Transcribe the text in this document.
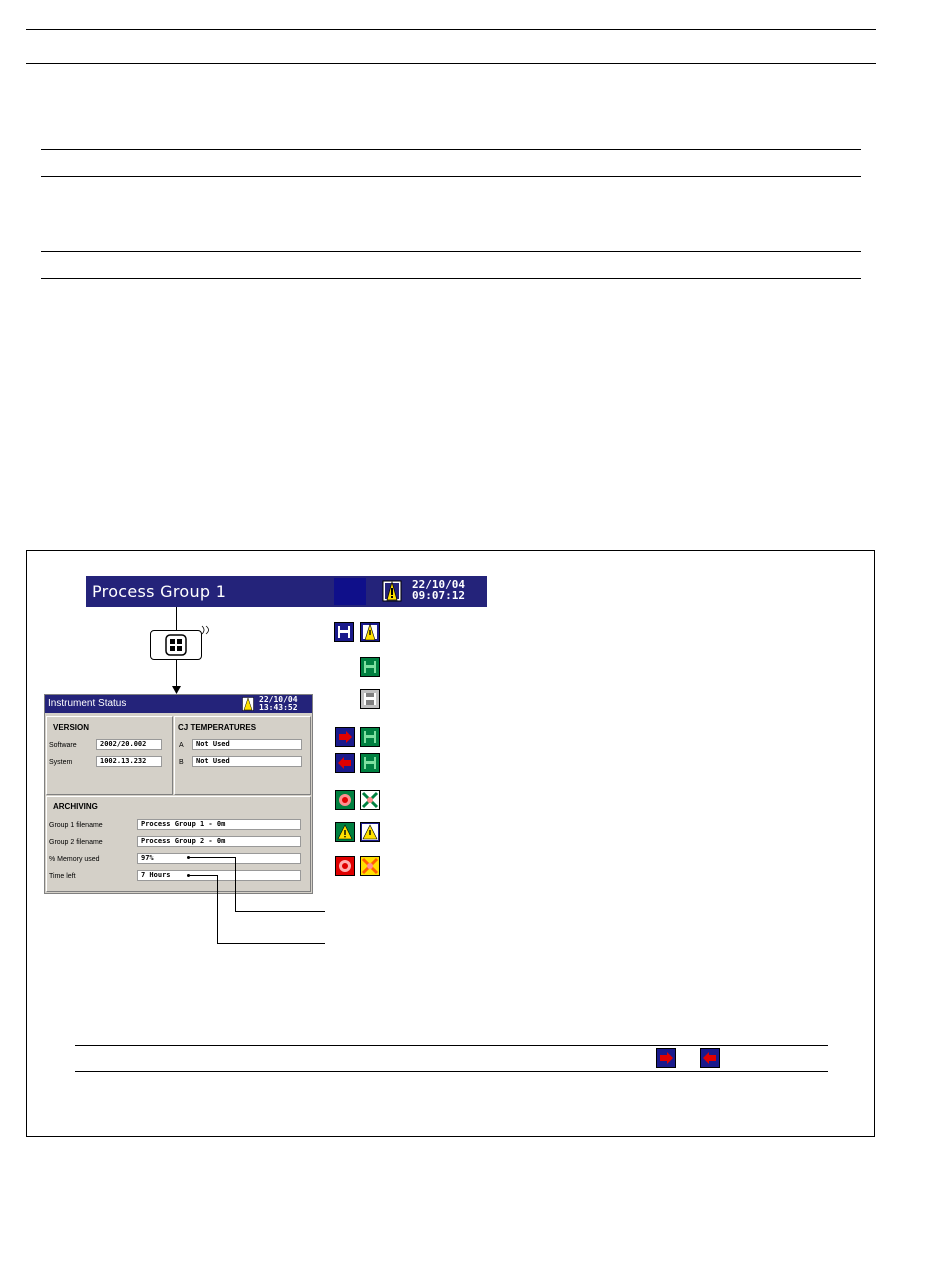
Process Group 1	22/10/04
09:07:12
Instrument Status	22/10/04
13:43:52
VERSION
Software	2002/20.002
System	1002.13.232
CJ TEMPERATURES
A	Not Used
B	Not Used
ARCHIVING
Group 1 filename	Process Group 1 - 0m
Group 2 filename	Process Group 2 - 0m
% Memory used	97%
Time left	7 Hours
